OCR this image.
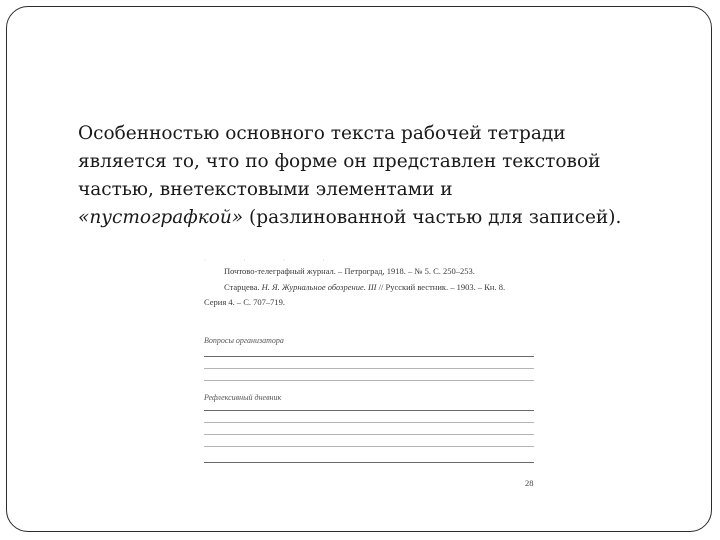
Особенностью основного текста рабочей тетради
является то, что по форме он представлен текстовой
частью, внетекстовыми элементами и
«пустографкой» (разлинованной частью для записей).
· · · ·
Почтово-телеграфный журнал. – Петроград, 1918. – № 5. С. 250–253.
Старцева. Н. Я. Журнальное обозрение. III // Русский вестник. – 1903. – Кн. 8.
Серия 4. – С. 707–719.
Вопросы организатора
Рефлексивный дневник
28
